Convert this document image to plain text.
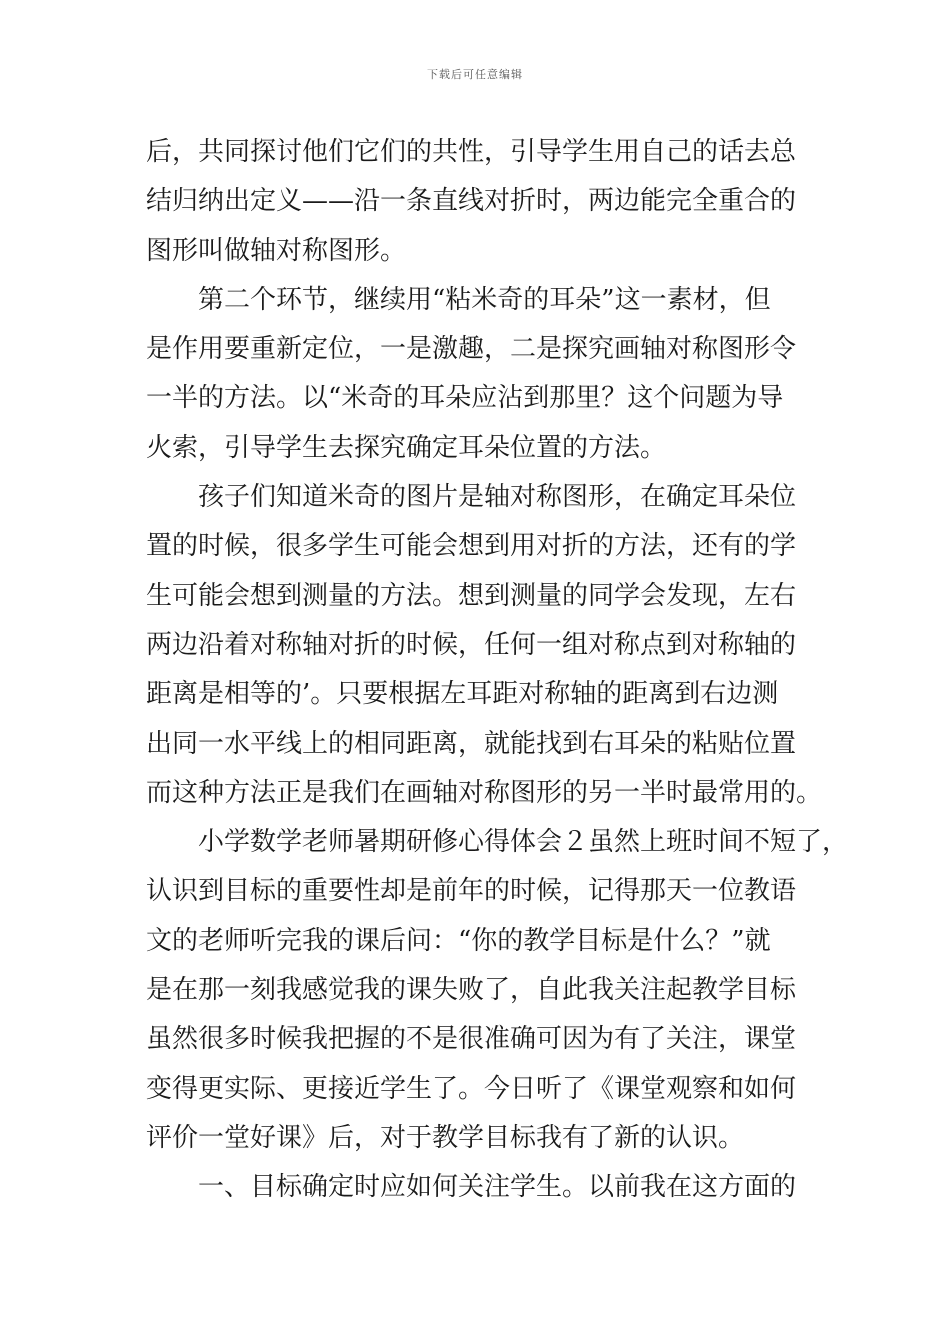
下载后可任意编辑
后，共同探讨他们它们的共性，引导学生用自己的话去总
结归纳出定义——沿一条直线对折时，两边能完全重合的
图形叫做轴对称图形。
第二个环节，继续用“粘米奇的耳朵”这一素材，但
是作用要重新定位，一是激趣，二是探究画轴对称图形令
一半的方法。以“米奇的耳朵应沾到那里？这个问题为导
火索，引导学生去探究确定耳朵位置的方法。
孩子们知道米奇的图片是轴对称图形，在确定耳朵位
置的时候，很多学生可能会想到用对折的方法，还有的学
生可能会想到测量的方法。想到测量的同学会发现，左右
两边沿着对称轴对折的时候，任何一组对称点到对称轴的
距离是相等的’。只要根据左耳距对称轴的距离到右边测
出同一水平线上的相同距离，就能找到右耳朵的粘贴位置
而这种方法正是我们在画轴对称图形的另一半时最常用的。
小学数学老师暑期研修心得体会２虽然上班时间不短了，
认识到目标的重要性却是前年的时候，记得那天一位教语
文的老师听完我的课后问：“你的教学目标是什么？”就
是在那一刻我感觉我的课失败了，自此我关注起教学目标
虽然很多时候我把握的不是很准确可因为有了关注，课堂
变得更实际、更接近学生了。今日听了《课堂观察和如何
评价一堂好课》后，对于教学目标我有了新的认识。
一、目标确定时应如何关注学生。以前我在这方面的
